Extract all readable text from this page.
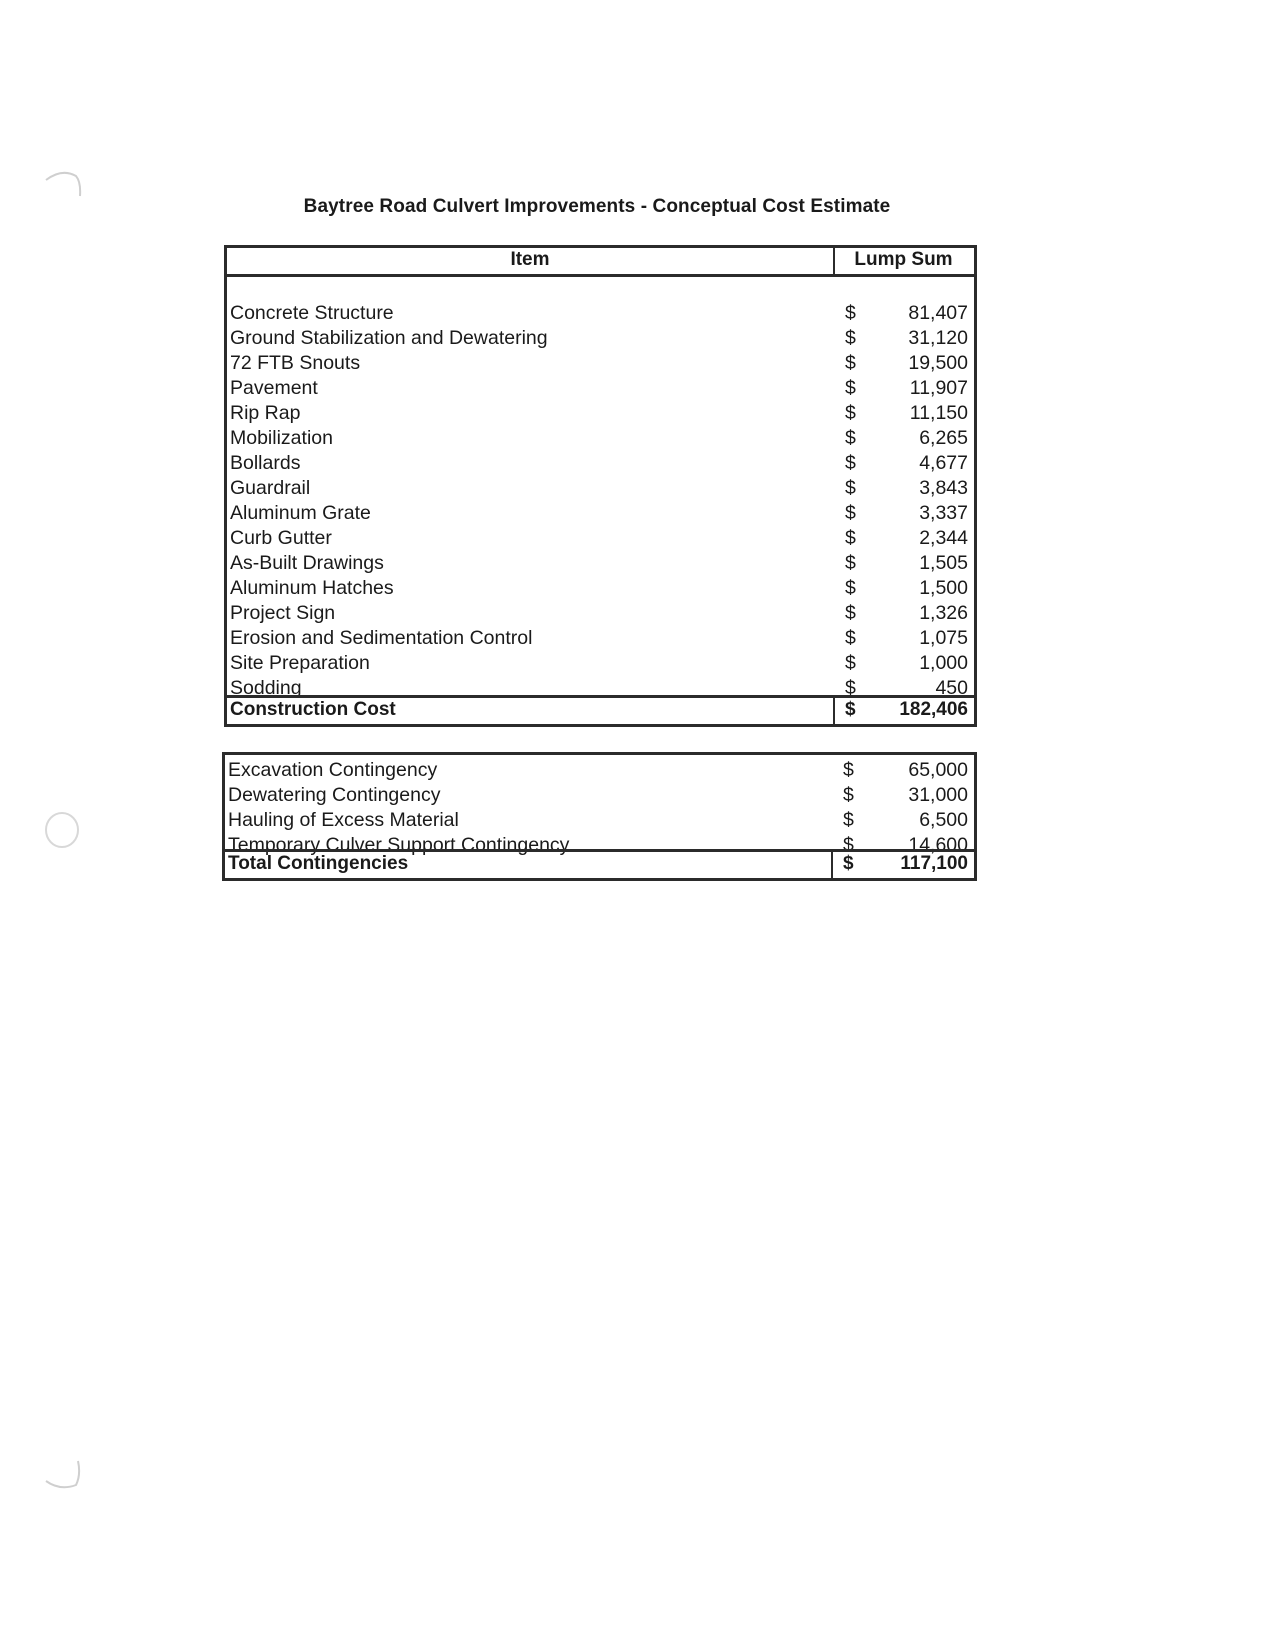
Baytree Road Culvert Improvements - Conceptual Cost Estimate
Item	Lump Sum
Concrete Structure	$	81,407
Ground Stabilization and Dewatering	$	31,120
72 FTB Snouts	$	19,500
Pavement	$	11,907
Rip Rap	$	11,150
Mobilization	$	6,265
Bollards	$	4,677
Guardrail	$	3,843
Aluminum Grate	$	3,337
Curb Gutter	$	2,344
As-Built Drawings	$	1,505
Aluminum Hatches	$	1,500
Project Sign	$	1,326
Erosion and Sedimentation Control	$	1,075
Site Preparation	$	1,000
Sodding	$	450
Construction Cost	$ 182,406
Excavation Contingency	$	65,000
Dewatering Contingency	$	31,000
Hauling of Excess Material	$	6,500
Temporary Culver Support Contingency	$	14,600
Total Contingencies	$ 117,100
